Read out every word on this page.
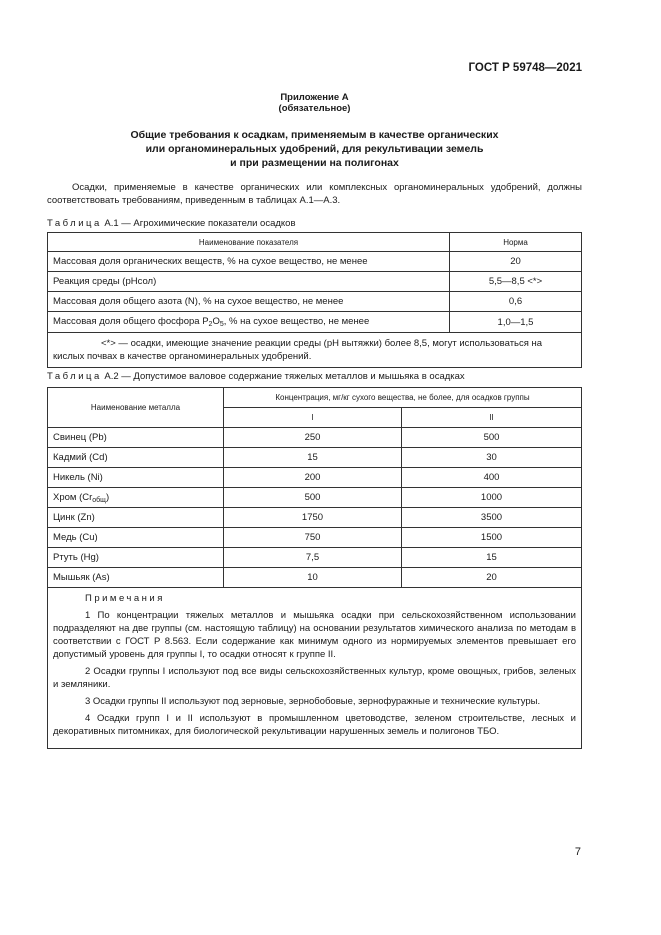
ГОСТ Р 59748—2021
Приложение А
(обязательное)
Общие требования к осадкам, применяемым в качестве органических
или органоминеральных удобрений, для рекультивации земель
и при размещении на полигонах
Осадки, применяемые в качестве органических или комплексных органоминеральных удобрений, должны соответствовать требованиям, приведенным в таблицах А.1—А.3.
Таблица А.1 — Агрохимические показатели осадков
Наименование показателя	Норма
Массовая доля органических веществ, % на сухое вещество, не менее	20
Реакция среды (pHсол)	5,5—8,5 <*>
Массовая доля общего азота (N), % на сухое вещество, не менее	0,6
Массовая доля общего фосфора $P_2O_5$, % на сухое вещество, не менее	1,0—1,5
<*> — осадки, имеющие значение реакции среды (pH вытяжки) более 8,5, могут использоваться на кислых почвах в качестве органоминеральных удобрений.	
Таблица А.2 — Допустимое валовое содержание тяжелых металлов и мышьяка в осадках
Наименование металла	Концентрация, мг/кг сухого вещества, не более, для осадков группы	
	I	II
Свинец (Pb)	250	500
Кадмий (Cd)	15	30
Никель (Ni)	200	400
Хром $(Cr_{общ})$	500	1000
Цинк (Zn)	1750	3500
Медь (Cu)	750	1500
Ртуть (Hg)	7,5	15
Мышьяк (As)	10	20

Примечания

1 По концентрации тяжелых металлов и мышьяка осадки при сельскохозяйственном использовании подразделяют на две группы (см. настоящую таблицу) на основании результатов химического анализа по методам в соответствии с ГОСТ Р 8.563. Если содержание как минимум одного из нормируемых элементов превышает его допустимый уровень для группы I, то осадки относят к группе II.

2 Осадки группы I используют под все виды сельскохозяйственных культур, кроме овощных, грибов, зеленых и земляники.

3 Осадки группы II используют под зерновые, зернобобовые, зернофуражные и технические культуры.

4 Осадки групп I и II используют в промышленном цветоводстве, зеленом строительстве, лесных и декоративных питомниках, для биологической рекультивации нарушенных земель и полигонов ТБО.		

7
